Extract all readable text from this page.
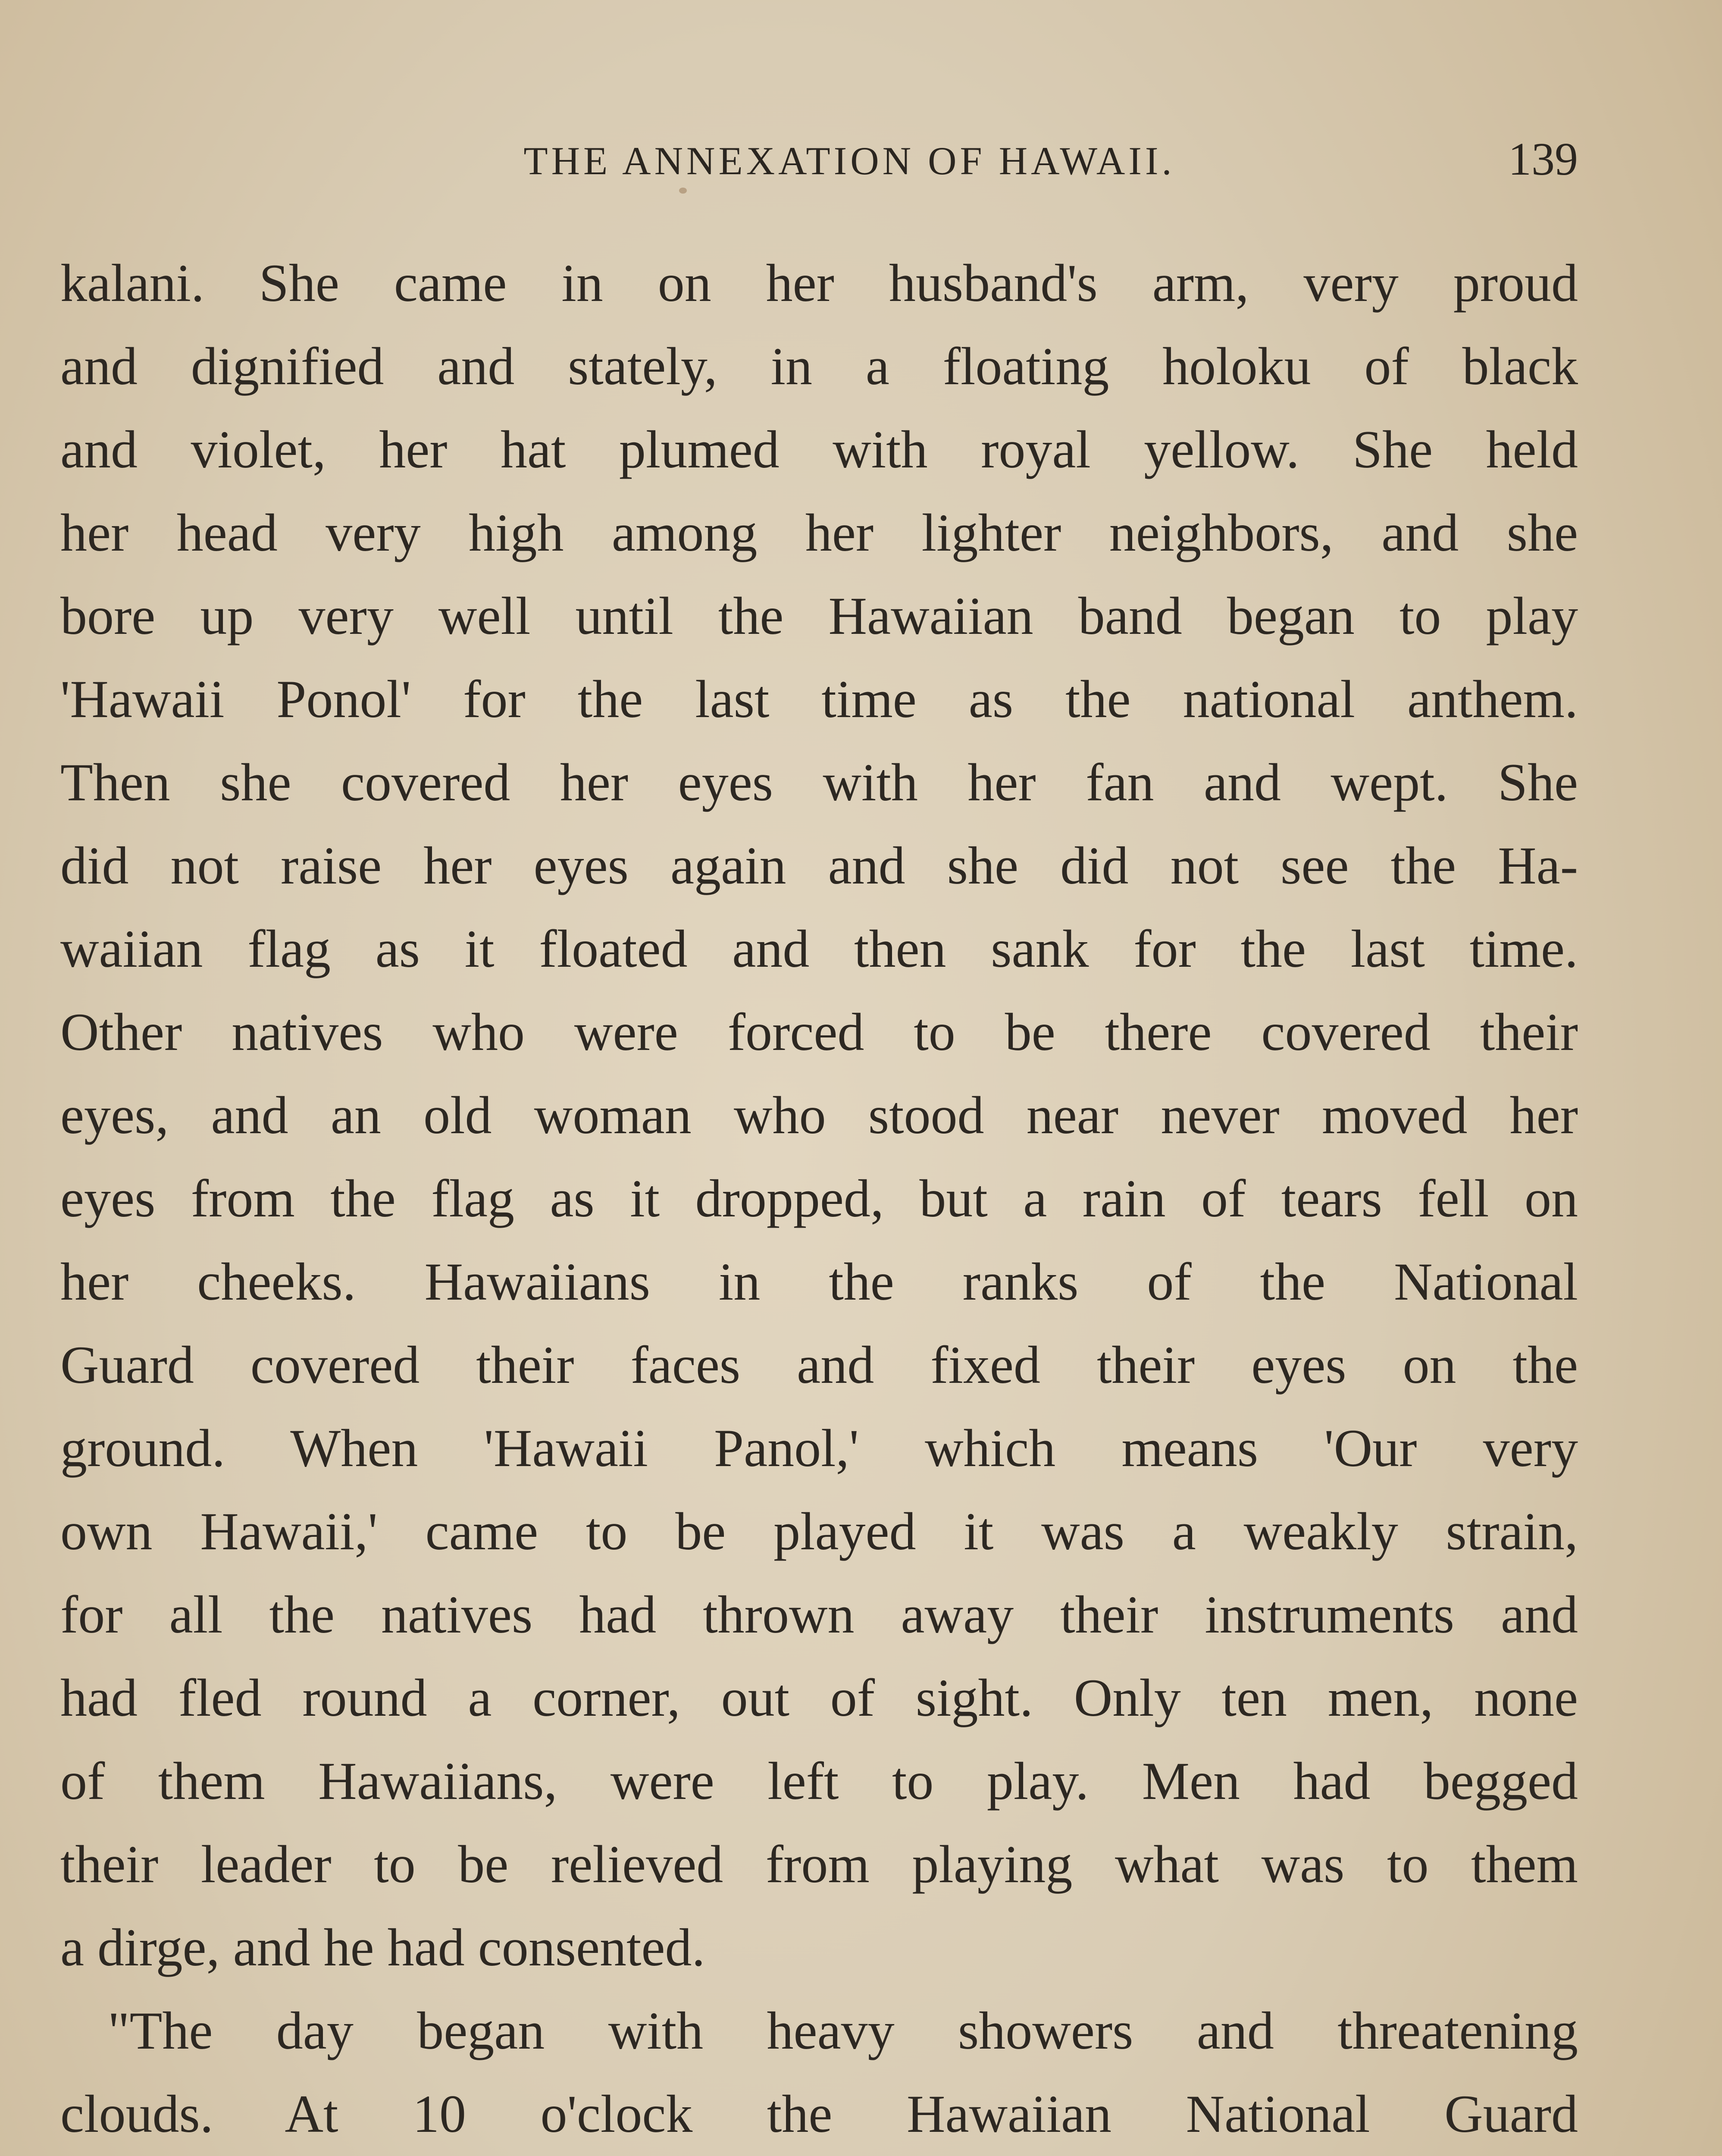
THE ANNEXATION OF HAWAII.	139
kalani. She came in on her husband's arm, very proud
and dignified and stately, in a floating holoku of black
and violet, her hat plumed with royal yellow. She held
her head very high among her lighter neighbors, and she
bore up very well until the Hawaiian band began to play
'Hawaii Ponol' for the last time as the national anthem.
Then she covered her eyes with her fan and wept. She
did not raise her eyes again and she did not see the Ha-
waiian flag as it floated and then sank for the last time.
Other natives who were forced to be there covered their
eyes, and an old woman who stood near never moved her
eyes from the flag as it dropped, but a rain of tears fell on
her cheeks. Hawaiians in the ranks of the National
Guard covered their faces and fixed their eyes on the
ground. When 'Hawaii Panol,' which means 'Our very
own Hawaii,' came to be played it was a weakly strain,
for all the natives had thrown away their instruments and
had fled round a corner, out of sight. Only ten men, none
of them Hawaiians, were left to play. Men had begged
their leader to be relieved from playing what was to them
a dirge, and he had consented.
"The day began with heavy showers and threatening
clouds. At 10 o'clock the Hawaiian National Guard
